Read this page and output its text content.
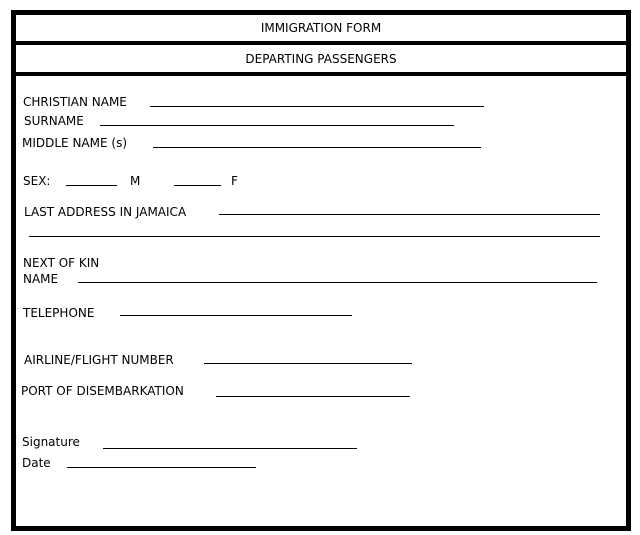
IMMIGRATION FORM
DEPARTING PASSENGERS
CHRISTIAN NAME
SURNAME
MIDDLE NAME (s)
SEX:	M	F
LAST ADDRESS IN JAMAICA
NEXT OF KIN
NAME
TELEPHONE
AIRLINE/FLIGHT NUMBER
PORT OF DISEMBARKATION
Signature
Date
